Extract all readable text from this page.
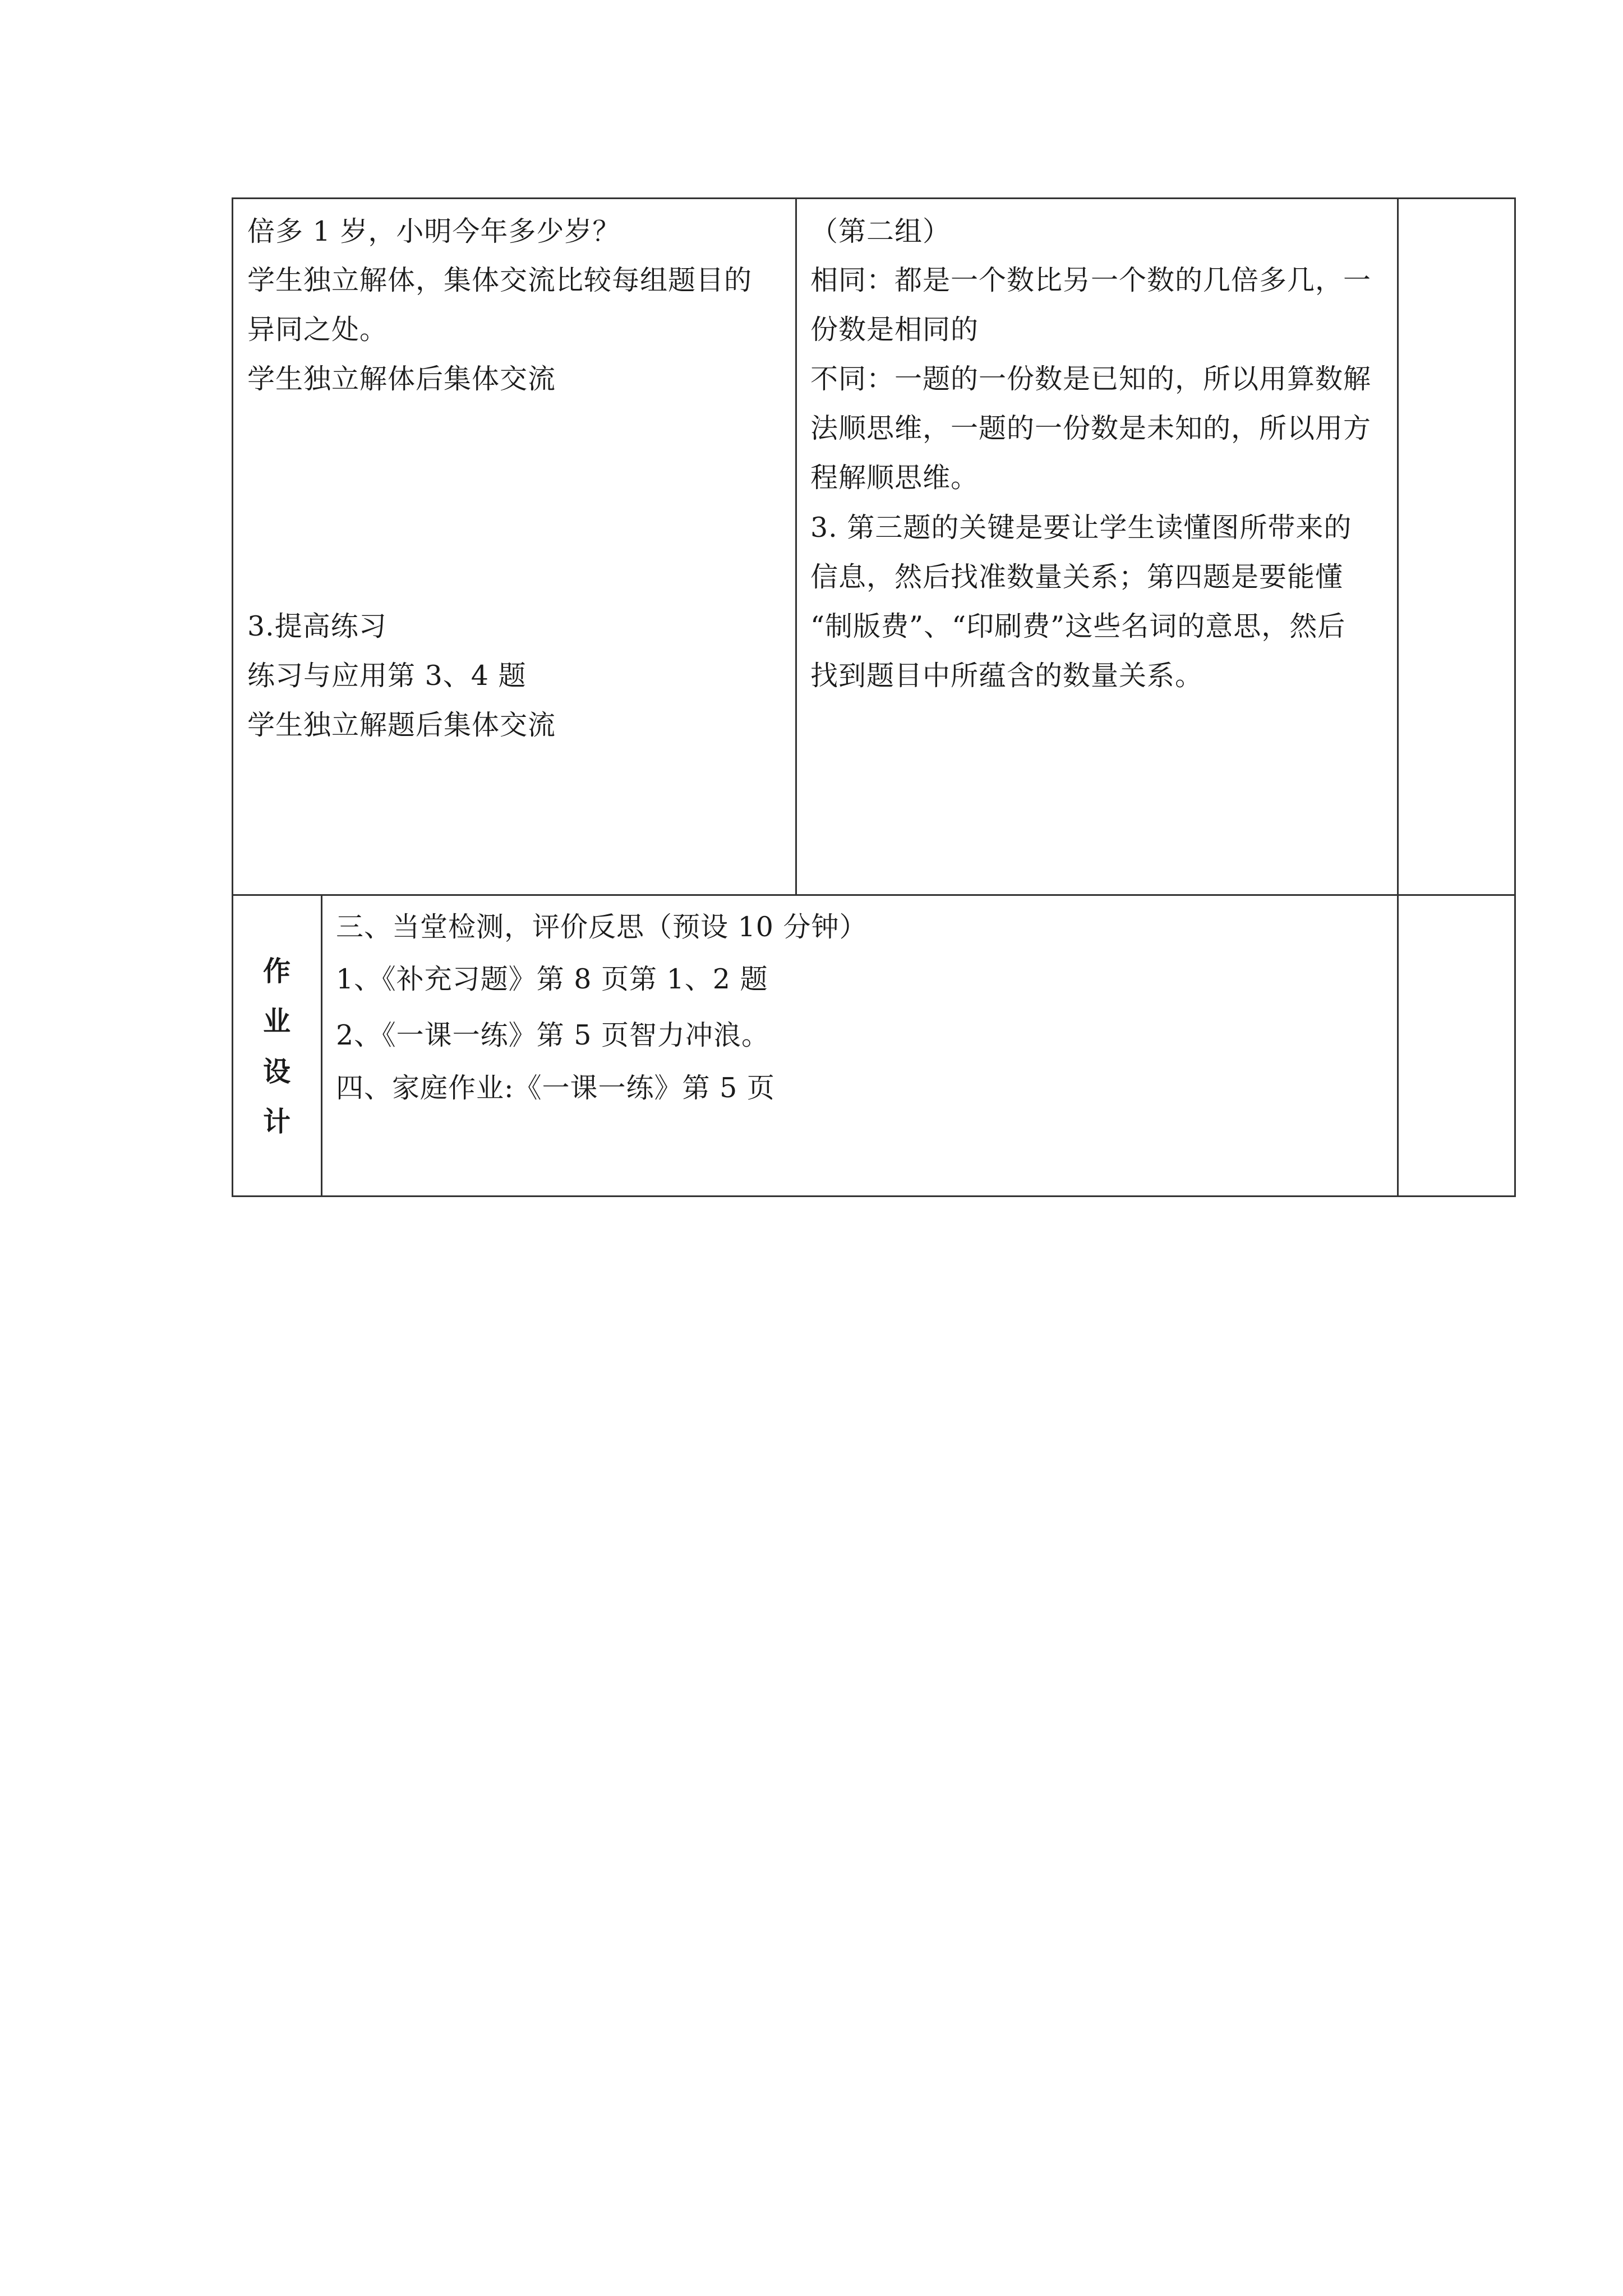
倍多 1 岁，小明今年多少岁？
学生独立解体，集体交流比较每组题目的
异同之处。
学生独立解体后集体交流
3.提高练习
练习与应用第 3、4 题
学生独立解题后集体交流
（第二组）
相同：都是一个数比另一个数的几倍多几，一
份数是相同的
不同：一题的一份数是已知的，所以用算数解
法顺思维，一题的一份数是未知的，所以用方
程解顺思维。
3. 第三题的关键是要让学生读懂图所带来的
信息，然后找准数量关系；第四题是要能懂
“制版费”、“印刷费”这些名词的意思，然后
找到题目中所蕴含的数量关系。
作
业
设
计
三、当堂检测，评价反思（预设 10 分钟）
1、《补充习题》第 8 页第 1、2 题
2、《一课一练》第 5 页智力冲浪。
四、家庭作业:《一课一练》第 5 页
